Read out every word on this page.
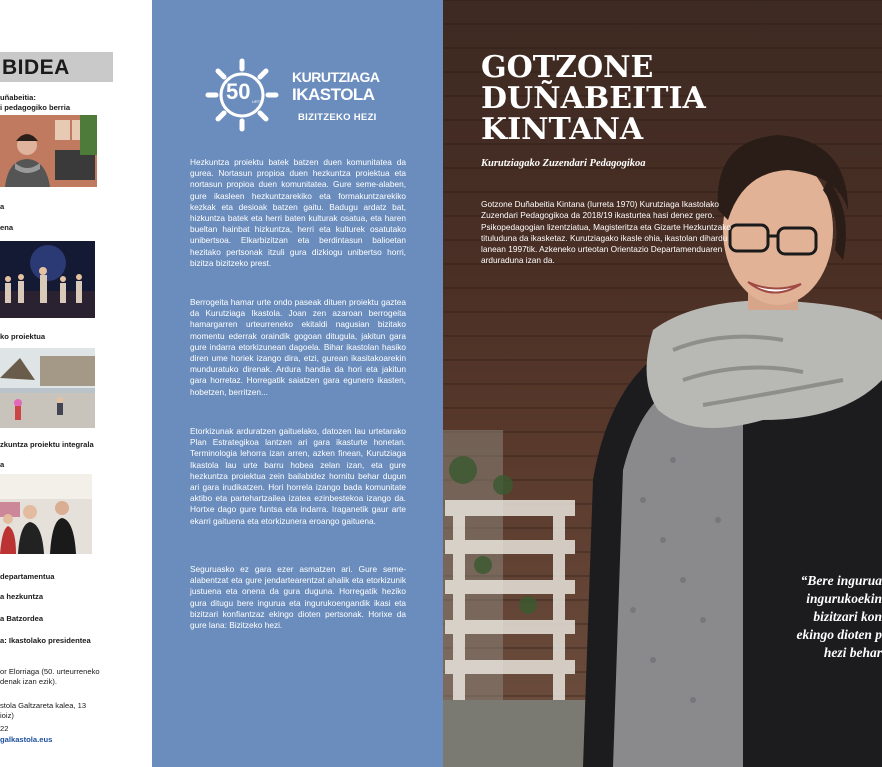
BIDEA
uñabeitia:
i pedagogiko berria
a
ena
ko proiektua
zkuntza proiektu integrala
a
departamentua
a hezkuntza
a Batzordea
a: Ikastolako presidentea
or Elorriaga (50. urteurreneko
denak izan ezik).
stola Galtzareta kalea, 13
ioiz)
22
galkastola.eus
50 URTE
KURUTZIAGA
IKASTOLA
BIZITZEKO HEZI

Hezkuntza proiektu batek batzen duen komunitatea da gurea. Nortasun propioa duen hezkuntza proiektua eta nortasun propioa duen komunitatea. Gure seme-alaben, gure ikasleen hezkuntzarekiko eta formakuntzarekiko kezkak eta desioak batzen gaitu. Badugu ardatz bat, hizkuntza batek eta herri baten kulturak osatua, eta haren bueltan hainbat hizkuntza, herri eta kulturek osatutako unibertsoa. Elkarbizitzan eta berdintasun balioetan hezitako pertsonak itzuli gura dizkiogu unibertso horri, bizitza bizitzeko prest.

Berrogeita hamar urte ondo paseak dituen proiektu gaztea da Kurutziaga Ikastola. Joan zen azaroan berrogeita hamargarren urteurreneko ekitaldi nagusian bizitako momentu ederrak oraindik gogoan ditugula, jakitun gara gure indarra etorkizunean dagoela. Bihar ikastolan hasiko diren ume horiek izango dira, etzi, gurean ikasitakoarekin munduratuko direnak. Ardura handia da hori eta jakitun gara horretaz. Horregatik saiatzen gara egunero ikasten, hobetzen, berritzen...

Etorkizunak arduratzen gaituelako, datozen lau urtetarako Plan Estrategikoa lantzen ari gara ikasturte honetan. Terminologia lehorra izan arren, azken finean, Kurutziaga Ikastola lau urte barru hobea zelan izan, eta gure hezkuntza proiektua zein bailabidez hornitu behar dugun ari gara irudikatzen. Hori horrela izango bada komunitate aktibo eta partehartzailea izatea ezinbestekoa izango da. Hortxe dago gure funtsa eta indarra. Iraganetik gaur arte ekarri gaituena eta etorkizunera eroango gaituena.

Seguruasko ez gara ezer asmatzen ari. Gure seme-alabentzat eta gure jendartearentzat ahalik eta etorkizunik justuena eta onena da gura duguna. Horregatik heziko gura ditugu bere ingurua eta ingurukoengandik ikasi eta bizitzari konfiantzaz ekingo dioten pertsonak. Horixe da gure lana: Bizitzeko hezi.

GOTZONE
DUÑABEITIA
KINTANA
Kurutziagako Zuzendari Pedagogikoa
Gotzone Duñabeitia Kintana (Iurreta 1970) Kurutziaga Ikastolako Zuzendari Pedagogikoa da 2018/19 ikasturtea hasi denez gero. Psikopedagogian lizentziatua, Magisteritza eta Gizarte Hezkuntzako tituluduna da ikasketaz. Kurutziagako ikasle ohia, ikastolan dihardu lanean 1997tik. Azkeneko urteotan Orientazio Departamenduaren arduraduna izan da.
“Bere ingurua
ingurukoekin
bizitzari kon
ekingo dioten p
hezi behar
